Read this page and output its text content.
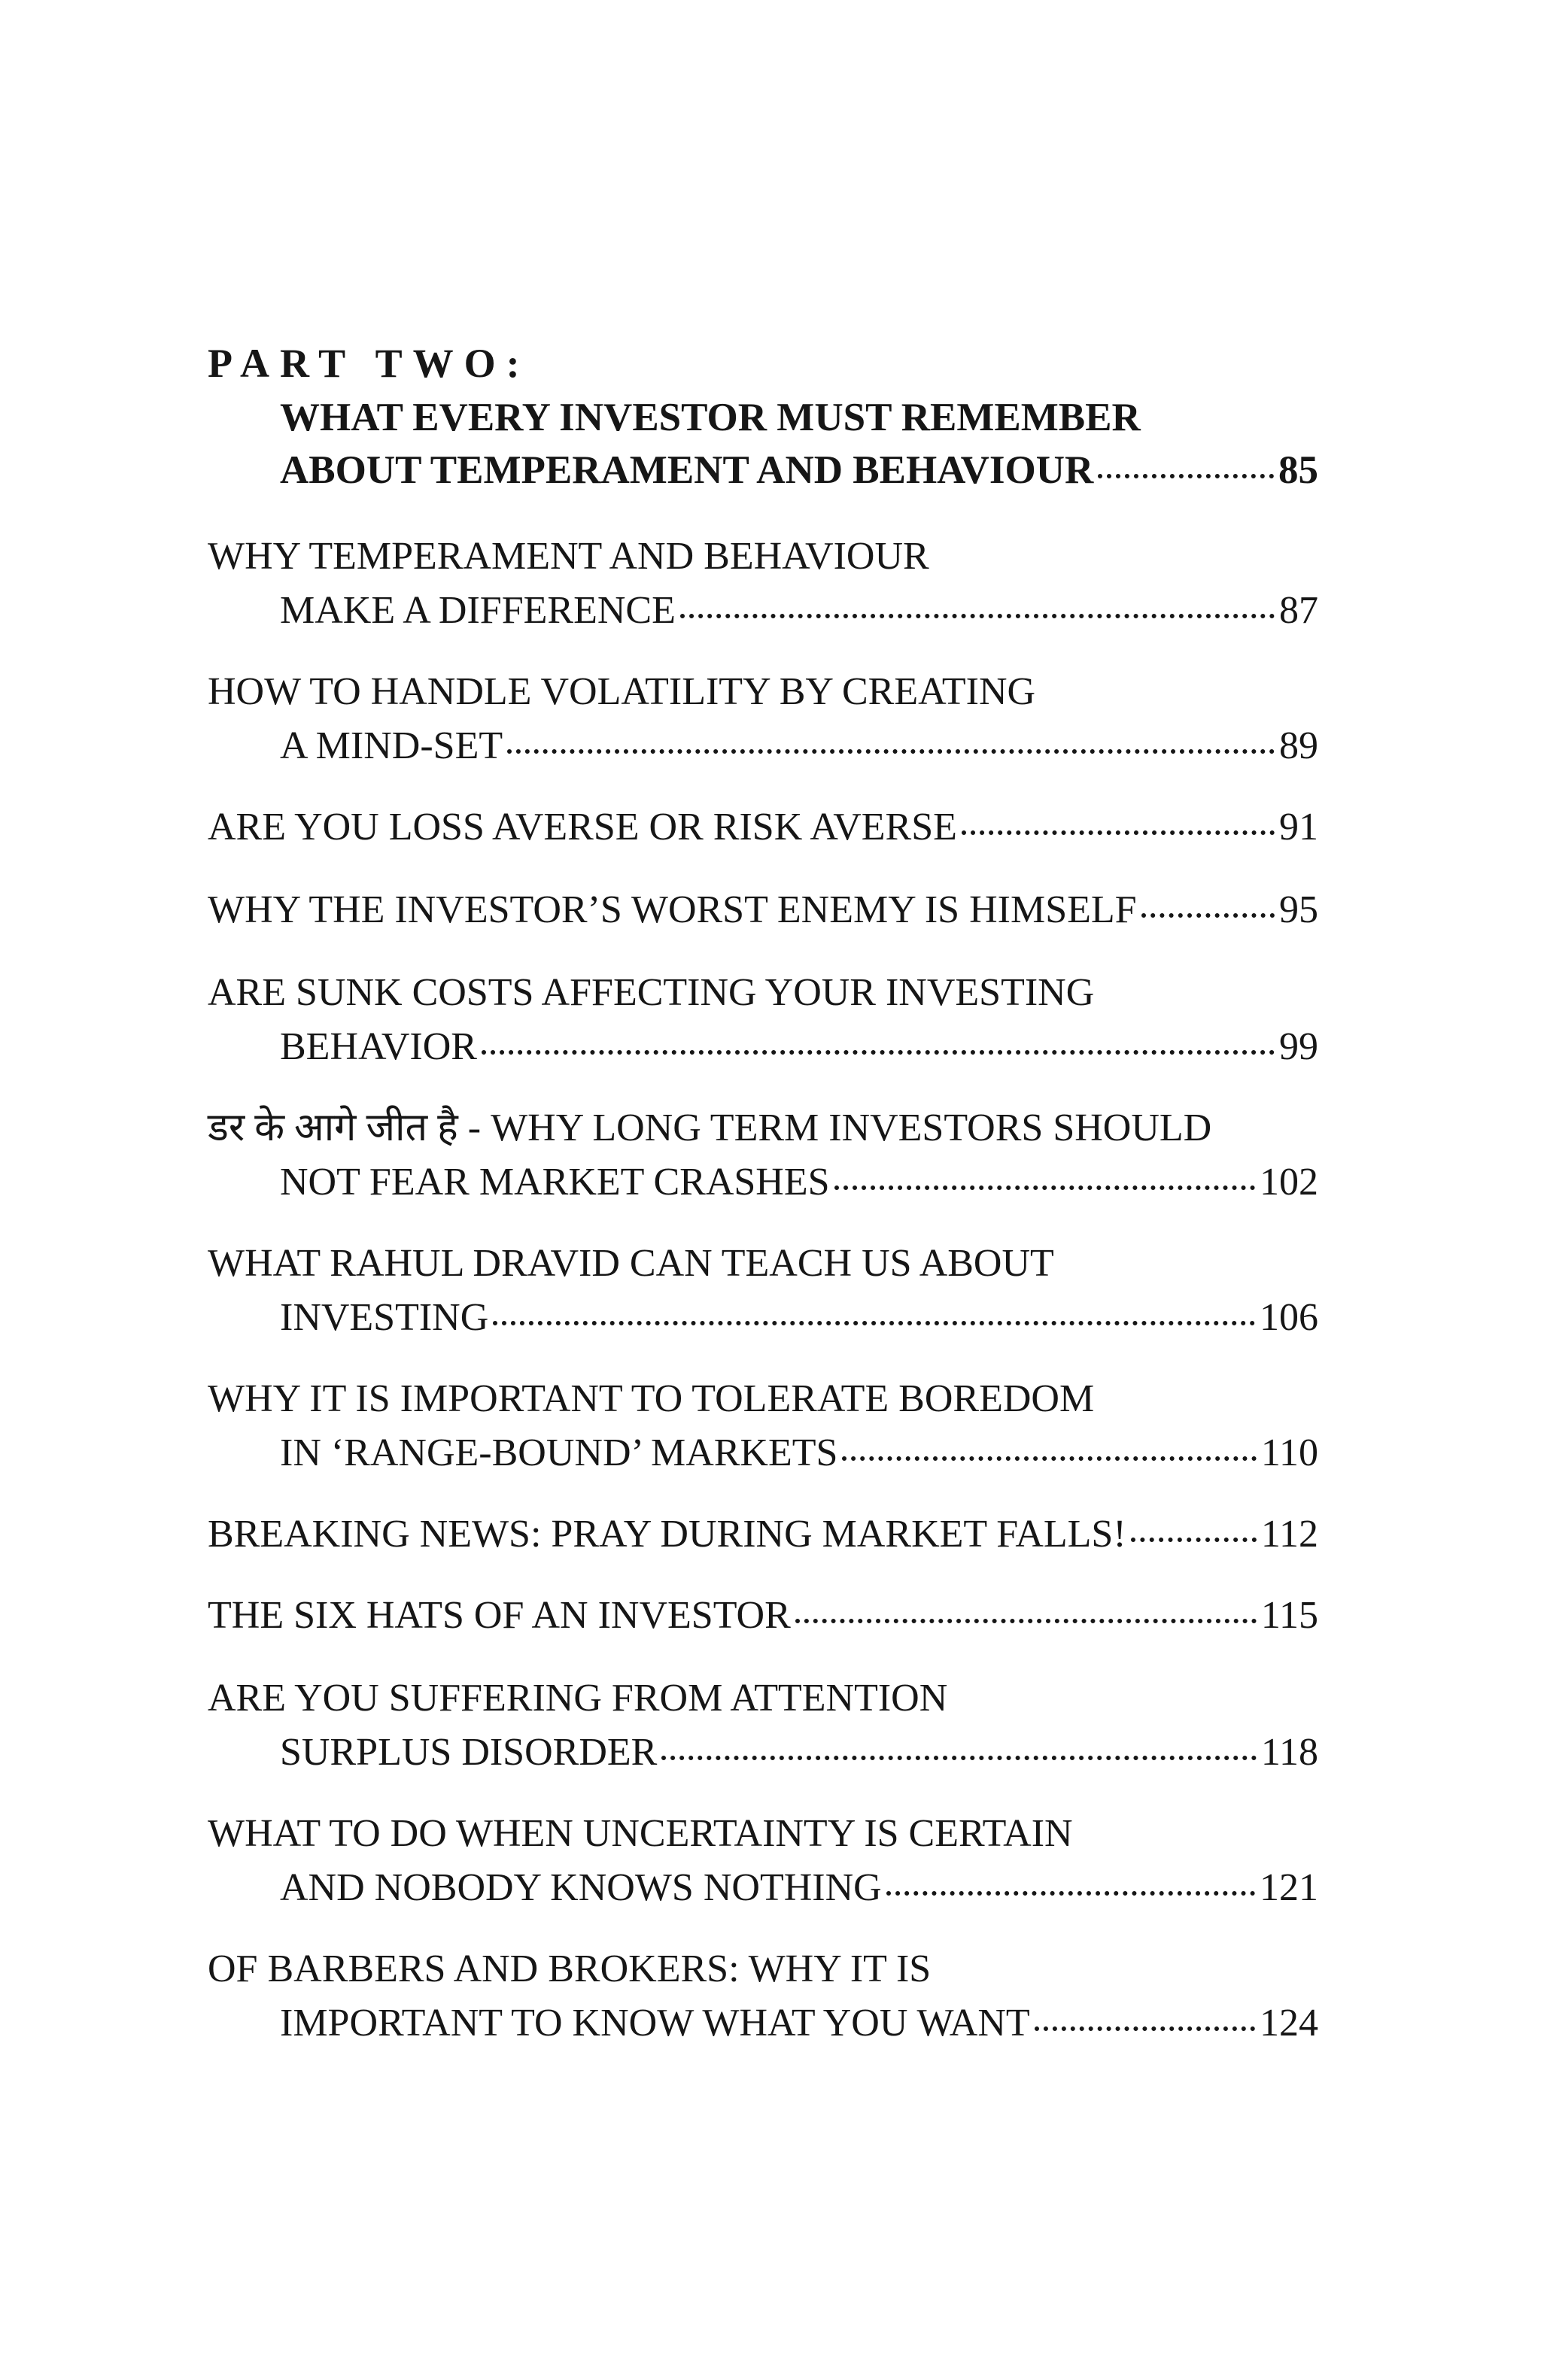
PART TWO:
WHAT EVERY INVESTOR MUST REMEMBER
ABOUT TEMPERAMENT AND BEHAVIOUR	85
WHY TEMPERAMENT AND BEHAVIOUR
MAKE A DIFFERENCE	87
HOW TO HANDLE VOLATILITY BY CREATING
A MIND-SET	89
ARE YOU LOSS AVERSE OR RISK AVERSE	91
WHY THE INVESTOR’S WORST ENEMY IS HIMSELF	95
ARE SUNK COSTS AFFECTING YOUR INVESTING
BEHAVIOR	99
डर के आगे जीत है - WHY LONG TERM INVESTORS SHOULD
NOT FEAR MARKET CRASHES	102
WHAT RAHUL DRAVID CAN TEACH US ABOUT
INVESTING	106
WHY IT IS IMPORTANT TO TOLERATE BOREDOM
IN ‘RANGE-BOUND’ MARKETS	110
BREAKING NEWS: PRAY DURING MARKET FALLS!	112
THE SIX HATS OF AN INVESTOR	115
ARE YOU SUFFERING FROM ATTENTION
SURPLUS DISORDER	118
WHAT TO DO WHEN UNCERTAINTY IS CERTAIN
AND NOBODY KNOWS NOTHING	121
OF BARBERS AND BROKERS: WHY IT IS
IMPORTANT TO KNOW WHAT YOU WANT	124
